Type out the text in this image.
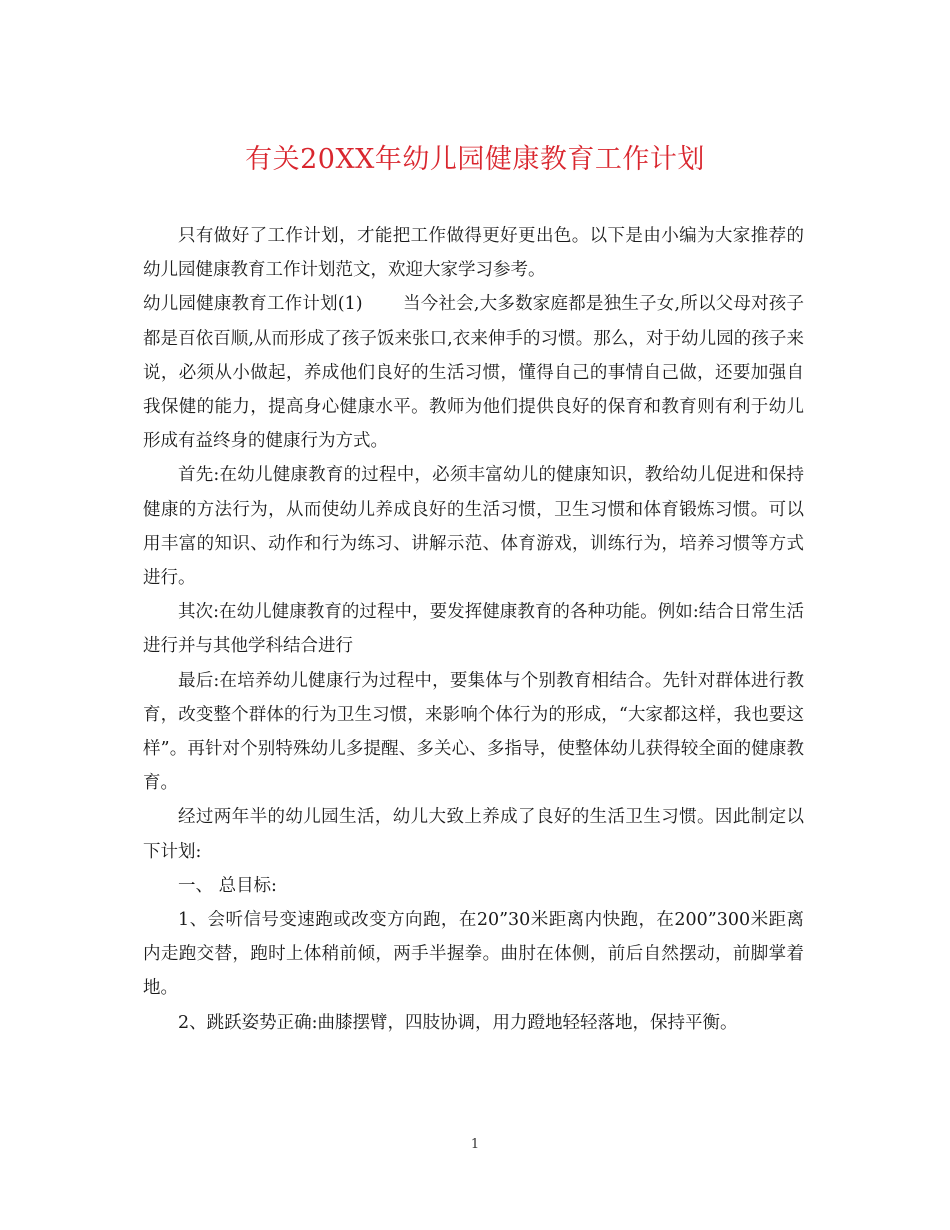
有关20XX年幼儿园健康教育工作计划

只有做好了工作计划，才能把工作做得更好更出色。以下是由小编为大家推荐的幼儿园健康教育工作计划范文，欢迎大家学习参考。

幼儿园健康教育工作计划(1) 当今社会,大多数家庭都是独生子女,所以父母对孩子都是百依百顺,从而形成了孩子饭来张口,衣来伸手的习惯。那么，对于幼儿园的孩子来说，必须从小做起，养成他们良好的生活习惯，懂得自己的事情自己做，还要加强自我保健的能力，提高身心健康水平。教师为他们提供良好的保育和教育则有利于幼儿形成有益终身的健康行为方式。

首先:在幼儿健康教育的过程中，必须丰富幼儿的健康知识，教给幼儿促进和保持健康的方法行为，从而使幼儿养成良好的生活习惯，卫生习惯和体育锻炼习惯。可以用丰富的知识、动作和行为练习、讲解示范、体育游戏，训练行为，培养习惯等方式进行。

其次:在幼儿健康教育的过程中，要发挥健康教育的各种功能。例如:结合日常生活进行并与其他学科结合进行

最后:在培养幼儿健康行为过程中，要集体与个别教育相结合。先针对群体进行教育，改变整个群体的行为卫生习惯，来影响个体行为的形成，“大家都这样，我也要这样”。再针对个别特殊幼儿多提醒、多关心、多指导，使整体幼儿获得较全面的健康教育。

经过两年半的幼儿园生活，幼儿大致上养成了良好的生活卫生习惯。因此制定以下计划:

一、 总目标:

1、会听信号变速跑或改变方向跑，在20”30米距离内快跑，在200”300米距离内走跑交替，跑时上体稍前倾，两手半握拳。曲肘在体侧，前后自然摆动，前脚掌着地。

2、跳跃姿势正确:曲膝摆臂，四肢协调，用力蹬地轻轻落地，保持平衡。

1
